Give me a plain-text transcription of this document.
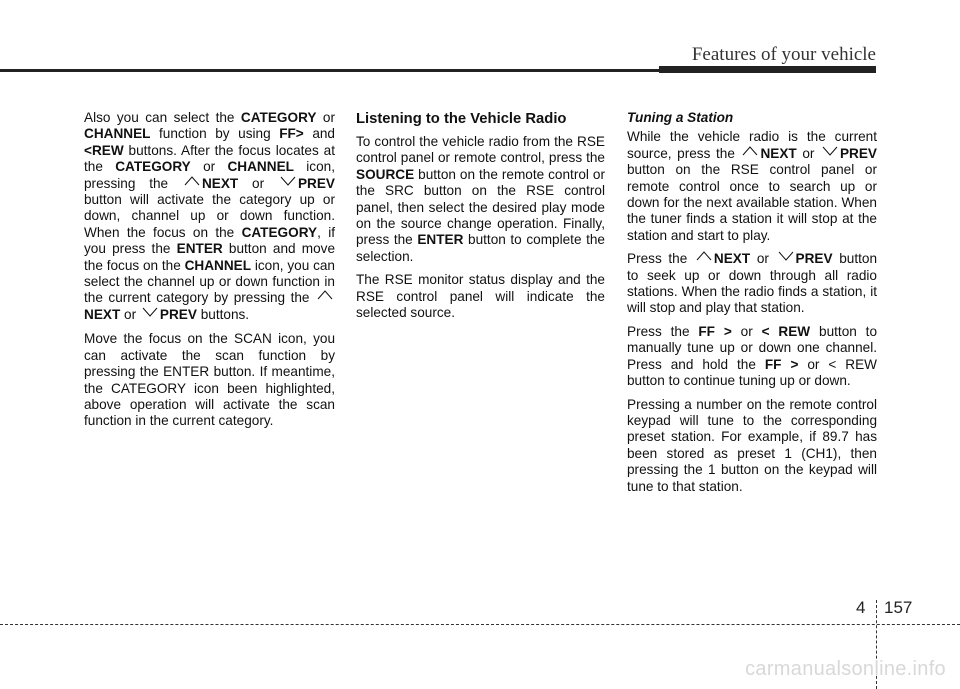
Features of your vehicle

Also you can select the CATEGORY or CHANNEL function by using FF> and <REW buttons. After the focus locates at the CATEGORY or CHANNEL icon, pressing the
NEXT or
PREV button will activate the category up or down, channel up or down function. When the focus on the CATEGORY, if you press the ENTER button and move the focus on the CHANNEL icon, you can select the channel up or down function in the current category by pressing the
NEXT or
PREV buttons.

Move the focus on the SCAN icon, you can activate the scan function by pressing the ENTER button. If meantime, the CATEGORY icon been highlighted, above operation will activate the scan function in the current category.

Listening to the Vehicle Radio

To control the vehicle radio from the RSE control panel or remote control, press the SOURCE button on the remote control or the SRC button on the RSE control panel, then select the desired play mode on the source change operation. Finally, press the ENTER button to complete the selection.

The RSE monitor status display and the RSE control panel will indicate the selected source.

Tuning a Station

While the vehicle radio is the current source, press the
NEXT or
PREV button on the RSE control panel or remote control once to search up or down for the next available station. When the tuner finds a station it will stop at the station and start to play.

Press the
NEXT or
PREV button to seek up or down through all radio stations. When the radio finds a station, it will stop and play that station.

Press the FF > or < REW button to manually tune up or down one channel. Press and hold the FF > or < REW button to continue tuning up or down.

Pressing a number on the remote control keypad will tune to the corresponding preset station. For example, if 89.7 has been stored as preset 1 (CH1), then pressing the 1 button on the keypad will tune to that station.

4 157
carmanualsonline.info
